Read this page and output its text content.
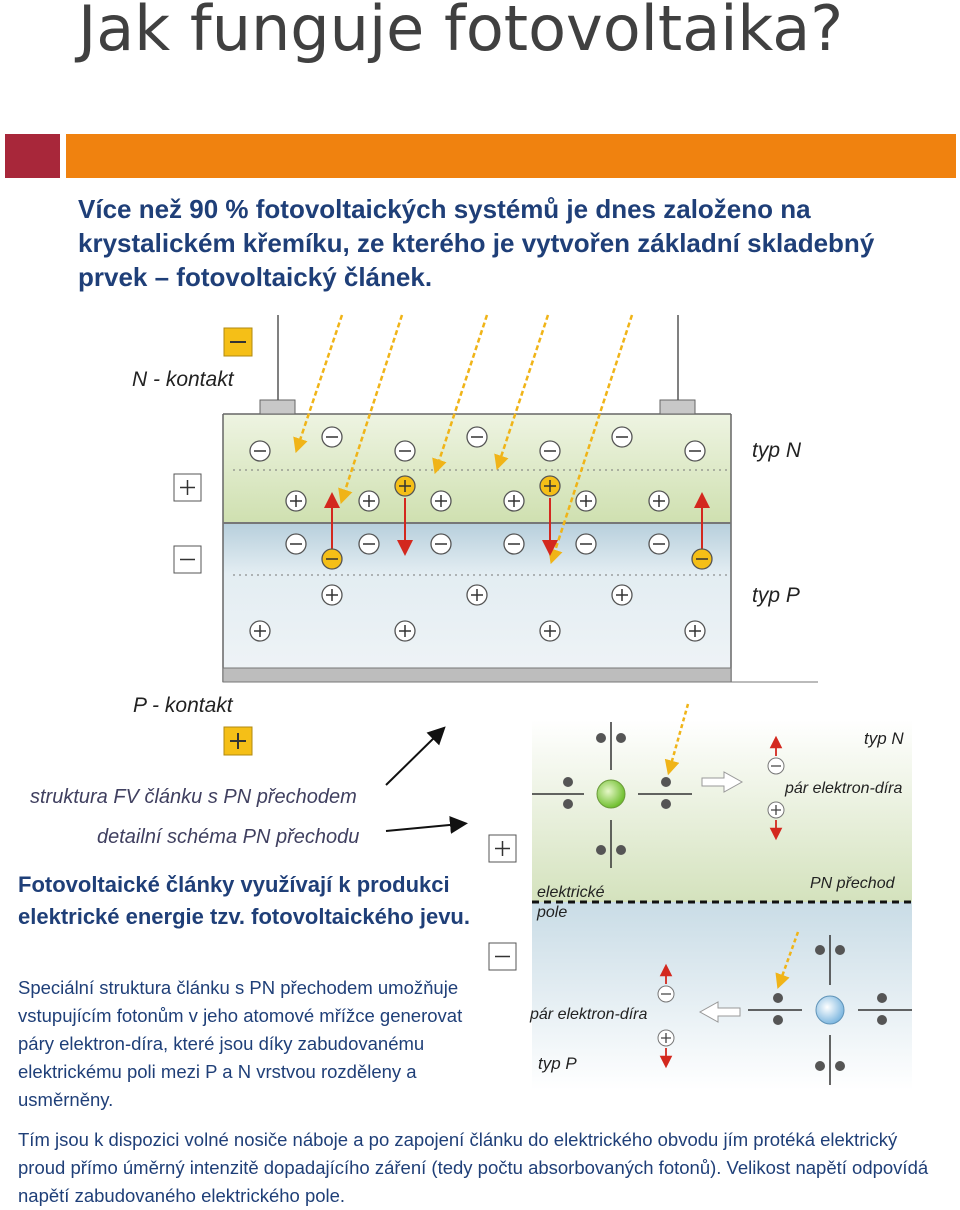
Jak funguje fotovoltaika?
Více než 90 % fotovoltaických systémů je dnes založeno na krystalickém křemíku, ze kterého je vytvořen základní skladebný prvek – fotovoltaický článek.
N - kontakt
P - kontakt
typ N
typ P
struktura FV článku s PN přechodem
detailní schéma PN přechodu
typ N
pár elektron-díra
PN přechod
elektrické
pole
pár elektron-díra
typ P
Fotovoltaické články využívají k produkci elektrické energie tzv. fotovoltaického jevu.
Speciální struktura článku s PN přechodem umožňuje vstupujícím fotonům v jeho atomové mřížce generovat páry elektron-díra, které jsou díky zabudovanému elektrickému poli mezi P a N vrstvou rozděleny a usměrněny.
Tím jsou k dispozici volné nosiče náboje a po zapojení článku do elektrického obvodu jím protéká elektrický proud přímo úměrný intenzitě dopadajícího záření (tedy počtu absorbovaných fotonů). Velikost napětí odpovídá napětí zabudovaného elektrického pole.
